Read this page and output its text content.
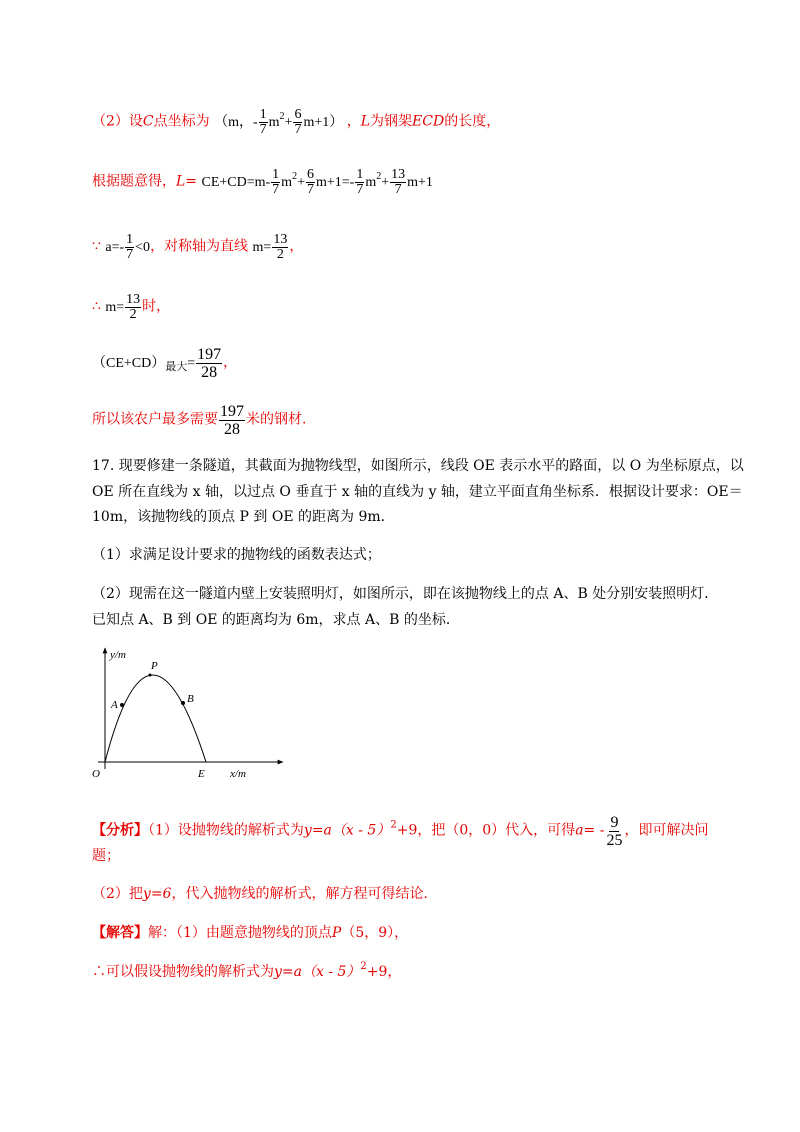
（2）设C点坐标为 （m，- $\frac{1}{7} m^2+ \frac{6}{7} m+1$） ，L为钢架ECD的长度，
根据题意得，$L= CE+CD=m- \frac{1}{7} m^2+ \frac{6}{7} m+1=- \frac{1}{7} m^2+ \frac{13}{7} m+1$
∵ $a=- \frac{1}{7} <0$，对称轴为直线 $m= \frac{13}{2}$ ，
∴ $m= \frac{13}{2}$ 时，
$(CE+CD)_{最大}= \frac{197}{28}$ ，
所以该农户最多需要 $\frac{197}{28}$ 米的钢材.
17. 现要修建一条隧道，其截面为抛物线型，如图所示，线段 OE 表示水平的路面，以 O 为坐标原点，以
OE 所在直线为 x 轴，以过点 O 垂直于 x 轴的直线为 y 轴，建立平面直角坐标系．根据设计要求：OE＝
10m，该抛物线的顶点 P 到 OE 的距离为 9m．
（1）求满足设计要求的抛物线的函数表达式；
（2）现需在这一隧道内壁上安装照明灯，如图所示，即在该抛物线上的点 A、B 处分别安装照明灯．
已知点 A、B 到 OE 的距离均为 6m，求点 A、B 的坐标．
y/m
x/m
O
P
A	B
E
【分析】（1）设抛物线的解析式为y=a（x - 5）$^2$+9，把（0，0）代入，可得$a= - \frac{9}{25}$ ，即可解决问
题；
（2）把y=6，代入抛物线的解析式，解方程可得结论.
【解答】解：（1）由题意抛物线的顶点P（5，9），
∴可以假设抛物线的解析式为y=a（x - 5）$^2$+9，
